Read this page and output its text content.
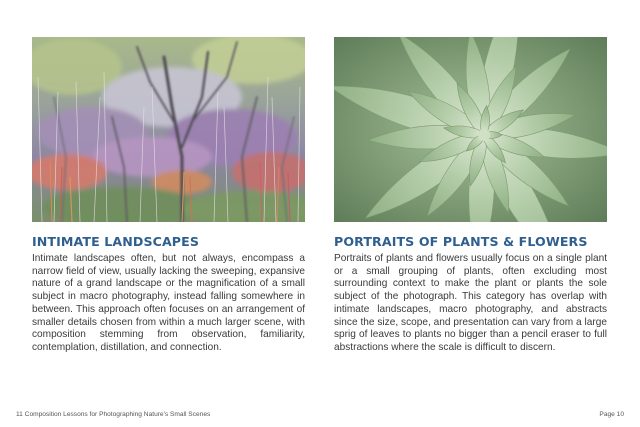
INTIMATE LANDSCAPES
Intimate landscapes often, but not always, encompass a narrow field of view, usually lacking the sweeping, expansive nature of a grand landscape or the magnification of a small subject in macro photography, instead falling somewhere in between. This approach often focuses on an arrangement of smaller details chosen from within a much larger scene, with composition stemming from observation, familiarity, contemplation, distillation, and connection.
PORTRAITS OF PLANTS & FLOWERS
Portraits of plants and flowers usually focus on a single plant or a small grouping of plants, often excluding most surrounding context to make the plant or plants the sole subject of the photograph. This category has overlap with intimate landscapes, macro photography, and abstracts since the size, scope, and presentation can vary from a large sprig of leaves to plants no bigger than a pencil eraser to full abstractions where the scale is difficult to discern.
11 Composition Lessons for Photographing Nature's Small Scenes	Page 10
